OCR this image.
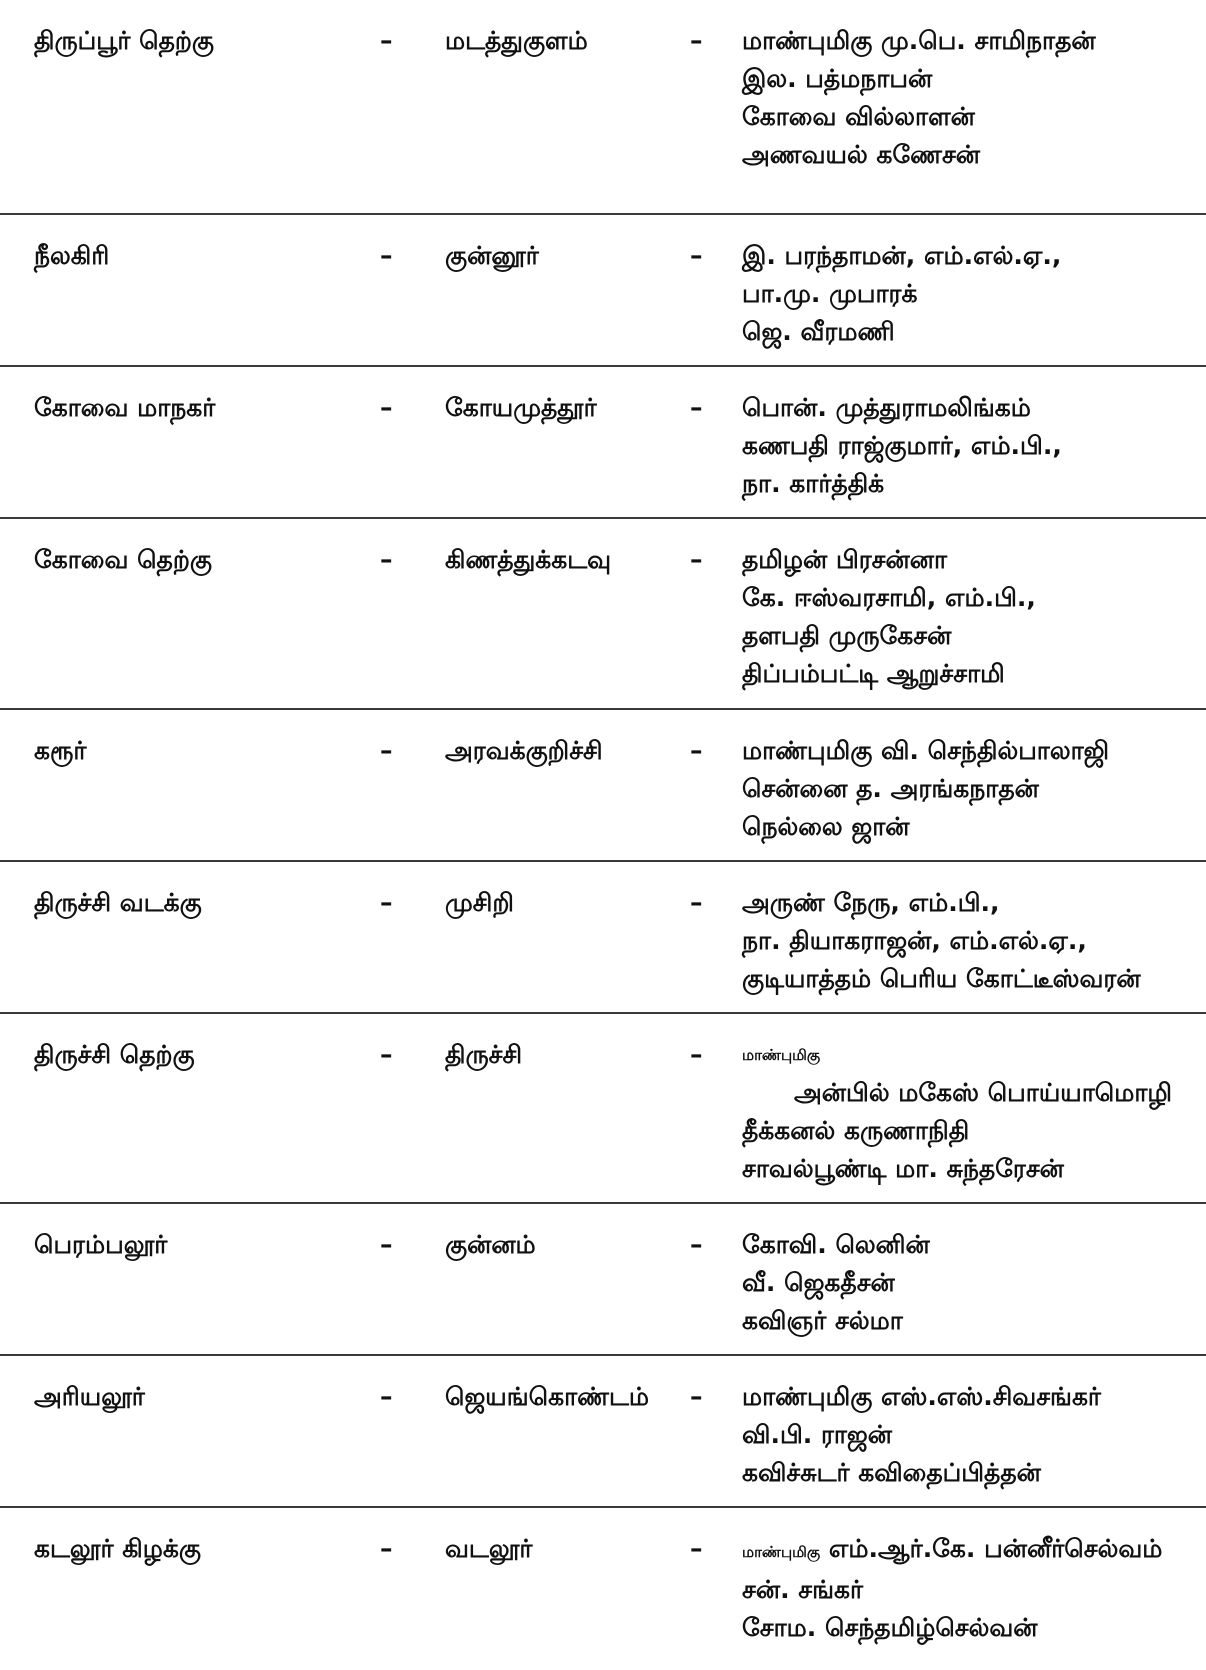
திருப்பூர் தெற்கு	– மடத்துகுளம்	– மாண்புமிகு மு.பெ. சாமிநாதன்
இல. பத்மநாபன்
கோவை வில்லாளன்
அணவயல் கணேசன்
நீலகிரி	– குன்னூர்	– இ. பரந்தாமன், எம்.எல்.ஏ.,
பா.மு. முபாரக்
ஜெ. வீரமணி
கோவை மாநகர்	– கோயமுத்தூர்	– பொன். முத்துராமலிங்கம்
கணபதி ராஜ்குமார், எம்.பி.,
நா. கார்த்திக்
கோவை தெற்கு	– கிணத்துக்கடவு	– தமிழன் பிரசன்னா
கே. ஈஸ்வரசாமி, எம்.பி.,
தளபதி முருகேசன்
திப்பம்பட்டி ஆறுச்சாமி
கரூர்	– அரவக்குறிச்சி	– மாண்புமிகு வி. செந்தில்பாலாஜி
சென்னை த. அரங்கநாதன்
நெல்லை ஜான்
திருச்சி வடக்கு	– முசிறி	– அருண் நேரு, எம்.பி.,
நா. தியாகராஜன், எம்.எல்.ஏ.,
குடியாத்தம் பெரிய கோட்டீஸ்வரன்
திருச்சி தெற்கு	– திருச்சி	–	மாண்புமிகு
அன்பில் மகேஸ் பொய்யாமொழி
தீக்கனல் கருணாநிதி
சாவல்பூண்டி மா. சுந்தரேசன்
பெரம்பலூர்	– குன்னம்	– கோவி. லெனின்
வீ. ஜெகதீசன்
கவிஞர் சல்மா
அரியலூர்	– ஜெயங்கொண்டம் – மாண்புமிகு எஸ்.எஸ்.சிவசங்கர்
வி.பி. ராஜன்
கவிச்சுடர் கவிதைப்பித்தன்
கடலூர் கிழக்கு	– வடலூர்	–	மாண்புமிகு எம்.ஆர்.கே. பன்னீர்செல்வம்
சன். சங்கர்
சோம. செந்தமிழ்செல்வன்
